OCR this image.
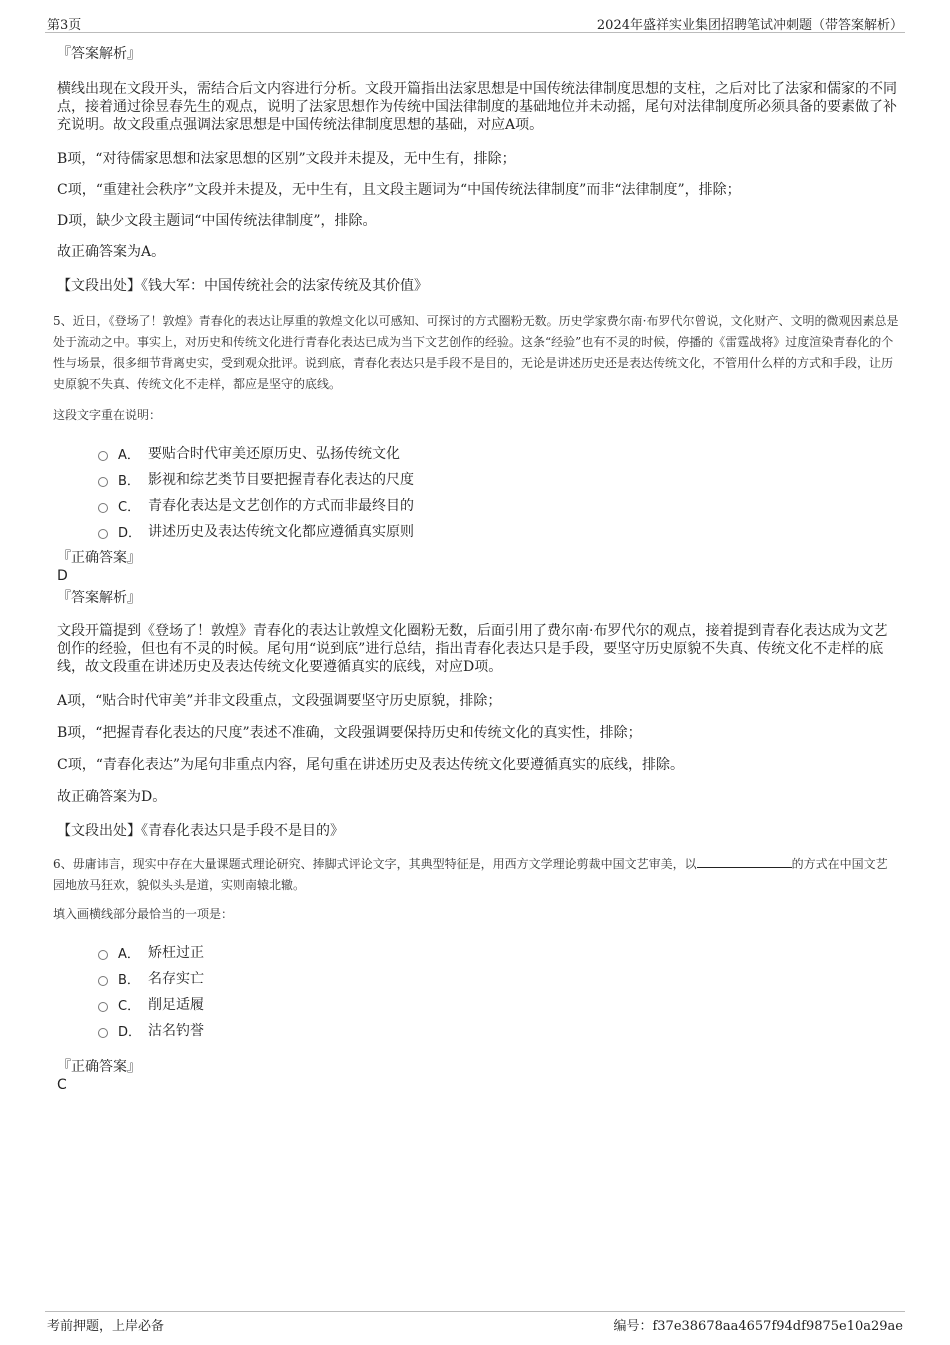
第3页	2024年盛祥实业集团招聘笔试冲刺题（带答案解析）
『答案解析』

横线出现在文段开头，需结合后文内容进行分析。文段开篇指出法家思想是中国传统法律制度思想的支柱，之后对比了法家和儒家的不同点，接着通过徐昱春先生的观点，说明了法家思想作为传统中国法律制度的基础地位并未动摇，尾句对法律制度所必须具备的要素做了补充说明。故文段重点强调法家思想是中国传统法律制度思想的基础，对应A项。

B项，“对待儒家思想和法家思想的区别”文段并未提及，无中生有，排除；

C项，“重建社会秩序”文段并未提及，无中生有，且文段主题词为“中国传统法律制度”而非“法律制度”，排除；

D项，缺少文段主题词“中国传统法律制度”，排除。

故正确答案为A。

【文段出处】《钱大军：中国传统社会的法家传统及其价值》

5、近日，《登场了！敦煌》青春化的表达让厚重的敦煌文化以可感知、可探讨的方式圈粉无数。历史学家费尔南·布罗代尔曾说，文化财产、文明的微观因素总是处于流动之中。事实上，对历史和传统文化进行青春化表达已成为当下文艺创作的经验。这条“经验”也有不灵的时候，停播的《雷霆战将》过度渲染青春化的个性与场景，很多细节背离史实，受到观众批评。说到底，青春化表达只是手段不是目的，无论是讲述历史还是表达传统文化，不管用什么样的方式和手段，让历史原貌不失真、传统文化不走样，都应是坚守的底线。

这段文字重在说明：

A． 要贴合时代审美还原历史、弘扬传统文化
B． 影视和综艺类节目要把握青春化表达的尺度
C． 青春化表达是文艺创作的方式而非最终目的
D． 讲述历史及表达传统文化都应遵循真实原则
『正确答案』
D
『答案解析』

文段开篇提到《登场了！敦煌》青春化的表达让敦煌文化圈粉无数，后面引用了费尔南·布罗代尔的观点，接着提到青春化表达成为文艺创作的经验，但也有不灵的时候。尾句用“说到底”进行总结，指出青春化表达只是手段，要坚守历史原貌不失真、传统文化不走样的底线，故文段重在讲述历史及表达传统文化要遵循真实的底线，对应D项。

A项，“贴合时代审美”并非文段重点，文段强调要坚守历史原貌，排除；

B项，“把握青春化表达的尺度”表述不准确，文段强调要保持历史和传统文化的真实性，排除；

C项，“青春化表达”为尾句非重点内容，尾句重在讲述历史及表达传统文化要遵循真实的底线，排除。

故正确答案为D。

【文段出处】《青春化表达只是手段不是目的》

6、毋庸讳言，现实中存在大量课题式理论研究、捧脚式评论文字，其典型特征是，用西方文学理论剪裁中国文艺审美，以	的方式在中国文艺园地放马狂欢，貌似头头是道，实则南辕北辙。

填入画横线部分最恰当的一项是：

A． 矫枉过正
B． 名存实亡
C． 削足适履
D． 沽名钓誉
『正确答案』
C
考前押题，上岸必备	编号：f37e38678aa4657f94df9875e10a29ae
